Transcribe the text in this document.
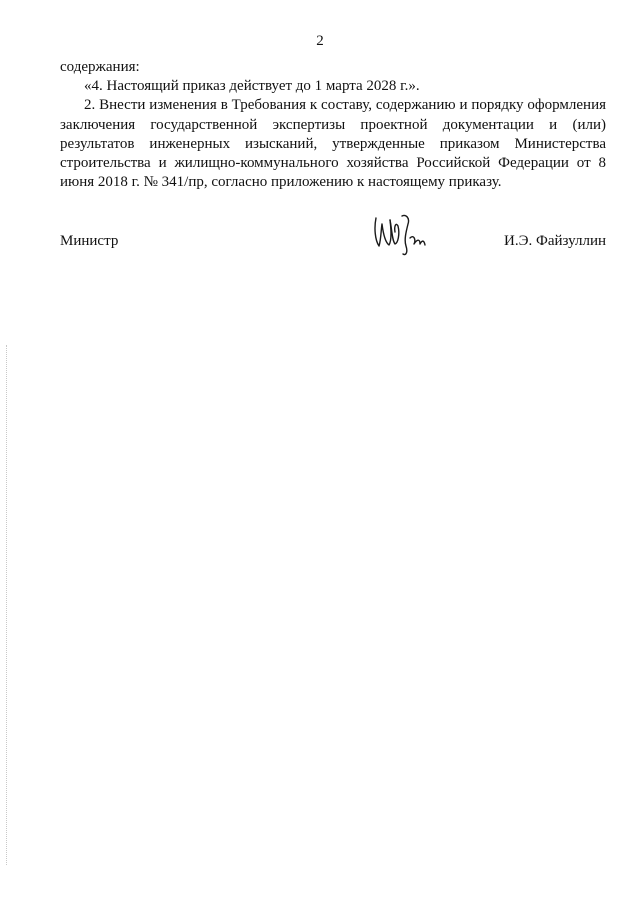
2

содержания:

«4. Настоящий приказ действует до 1 марта 2028 г.».

2. Внести изменения в Требования к составу, содержанию и порядку оформления заключения государственной экспертизы проектной документации и (или) результатов инженерных изысканий, утвержденные приказом Министерства строительства и жилищно-коммунального хозяйства Российской Федерации от 8 июня 2018 г. № 341/пр, согласно приложению к настоящему приказу.

Министр	И.Э. Файзуллин
